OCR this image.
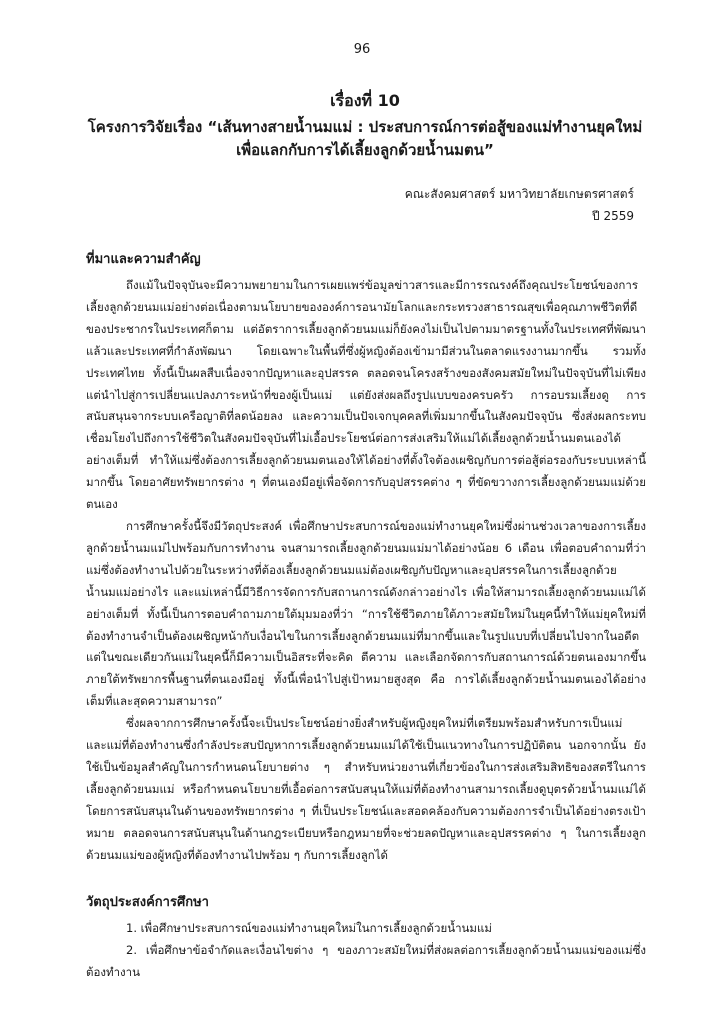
96

เรื่องที่ 10

โครงการวิจัยเรื่อง “เส้นทางสายน้ำนมแม่ : ประสบการณ์การต่อสู้ของแม่ทำงานยุคใหม่
เพื่อแลกกับการได้เลี้ยงลูกด้วยน้ำนมตน”

คณะสังคมศาสตร์ มหาวิทยาลัยเกษตรศาสตร์
ปี 2559
ที่มาและความสำคัญ

ถึงแม้ในปัจจุบันจะมีความพยายามในการเผยแพร่ข้อมูลข่าวสารและมีการรณรงค์ถึงคุณประโยชน์ของการเลี้ยงลูกด้วยนมแม่อย่างต่อเนื่องตามนโยบายขององค์การอนามัยโลกและกระทรวงสาธารณสุขเพื่อคุณภาพชีวิตที่ดีของประชากรในประเทศก็ตาม แต่อัตราการเลี้ยงลูกด้วยนมแม่ก็ยังคงไม่เป็นไปตามมาตรฐานทั้งในประเทศที่พัฒนาแล้วและประเทศที่กำลังพัฒนา โดยเฉพาะในพื้นที่ซึ่งผู้หญิงต้องเข้ามามีส่วนในตลาดแรงงานมากขึ้น รวมทั้งประเทศไทย ทั้งนี้เป็นผลสืบเนื่องจากปัญหาและอุปสรรค ตลอดจนโครงสร้างของสังคมสมัยใหม่ในปัจจุบันที่ไม่เพียงแต่นำไปสู่การเปลี่ยนแปลงภาระหน้าที่ของผู้เป็นแม่ แต่ยังส่งผลถึงรูปแบบของครบครัว การอบรมเลี้ยงดู การสนับสนุนจากระบบเครือญาติที่ลดน้อยลง และความเป็นปัจเจกบุคคลที่เพิ่มมากขึ้นในสังคมปัจจุบัน ซึ่งส่งผลกระทบเชื่อมโยงไปถึงการใช้ชีวิตในสังคมปัจจุบันที่ไม่เอื้อประโยชน์ต่อการส่งเสริมให้แม่ได้เลี้ยงลูกด้วยน้ำนมตนเองได้อย่างเต็มที่ ทำให้แม่ซึ่งต้องการเลี้ยงลูกด้วยนมตนเองให้ได้อย่างที่ตั้งใจต้องเผชิญกับการต่อสู้ต่อรองกับระบบเหล่านี้มากขึ้น โดยอาศัยทรัพยากรต่าง ๆ ที่ตนเองมีอยู่เพื่อจัดการกับอุปสรรคต่าง ๆ ที่ขัดขวางการเลี้ยงลูกด้วยนมแม่ด้วยตนเอง

การศึกษาครั้งนี้จึงมีวัตถุประสงค์ เพื่อศึกษาประสบการณ์ของแม่ทำงานยุคใหม่ซึ่งผ่านช่วงเวลาของการเลี้ยงลูกด้วยน้ำนมแม่ไปพร้อมกับการทำงาน จนสามารถเลี้ยงลูกด้วยนมแม่มาได้อย่างน้อย 6 เดือน เพื่อตอบคำถามที่ว่าแม่ซึ่งต้องทำงานไปด้วยในระหว่างที่ต้องเลี้ยงลูกด้วยนมแม่ต้องเผชิญกับปัญหาและอุปสรรคในการเลี้ยงลูกด้วยน้ำนมแม่อย่างไร และแม่เหล่านี้มีวิธีการจัดการกับสถานการณ์ดังกล่าวอย่างไร เพื่อให้สามารถเลี้ยงลูกด้วยนมแม่ได้อย่างเต็มที่ ทั้งนี้เป็นการตอบคำถามภายใต้มุมมองที่ว่า “การใช้ชีวิตภายใต้ภาวะสมัยใหม่ในยุคนี้ทำให้แม่ยุคใหม่ที่ต้องทำงานจำเป็นต้องเผชิญหน้ากับเงื่อนไขในการเลี้ยงลูกด้วยนมแม่ที่มากขึ้นและในรูปแบบที่เปลี่ยนไปจากในอดีต แต่ในขณะเดียวกันแม่ในยุคนี้ก็มีความเป็นอิสระที่จะคิด ตีความ และเลือกจัดการกับสถานการณ์ด้วยตนเองมากขึ้นภายใต้ทรัพยากรพื้นฐานที่ตนเองมีอยู่ ทั้งนี้เพื่อนำไปสู่เป้าหมายสูงสุด คือ การได้เลี้ยงลูกด้วยน้ำนมตนเองได้อย่างเต็มที่และสุดความสามารถ”

ซึ่งผลจากการศึกษาครั้งนี้จะเป็นประโยชน์อย่างยิ่งสำหรับผู้หญิงยุคใหม่ที่เตรียมพร้อมสำหรับการเป็นแม่ และแม่ที่ต้องทำงานซึ่งกำลังประสบปัญหาการเลี้ยงลูกด้วยนมแม่ได้ใช้เป็นแนวทางในการปฏิบัติตน นอกจากนั้น ยังใช้เป็นข้อมูลสำคัญในการกำหนดนโยบายต่าง ๆ สำหรับหน่วยงานที่เกี่ยวข้องในการส่งเสริมสิทธิของสตรีในการเลี้ยงลูกด้วยนมแม่ หรือกำหนดนโยบายที่เอื้อต่อการสนับสนุนให้แม่ที่ต้องทำงานสามารถเลี้ยงดูบุตรด้วยน้ำนมแม่ได้ โดยการสนับสนุนในด้านของทรัพยากรต่าง ๆ ที่เป็นประโยชน์และสอดคล้องกับความต้องการจำเป็นได้อย่างตรงเป้าหมาย ตลอดจนการสนับสนุนในด้านกฎระเบียบหรือกฎหมายที่จะช่วยลดปัญหาและอุปสรรคต่าง ๆ ในการเลี้ยงลูกด้วยนมแม่ของผู้หญิงที่ต้องทำงานไปพร้อม ๆ กับการเลี้ยงลูกได้

วัตถุประสงค์การศึกษา
1. เพื่อศึกษาประสบการณ์ของแม่ทำงานยุคใหม่ในการเลี้ยงลูกด้วยน้ำนมแม่
2. เพื่อศึกษาข้อจำกัดและเงื่อนไขต่าง ๆ ของภาวะสมัยใหม่ที่ส่งผลต่อการเลี้ยงลูกด้วยน้ำนมแม่ของแม่ซึ่งต้องทำงาน
